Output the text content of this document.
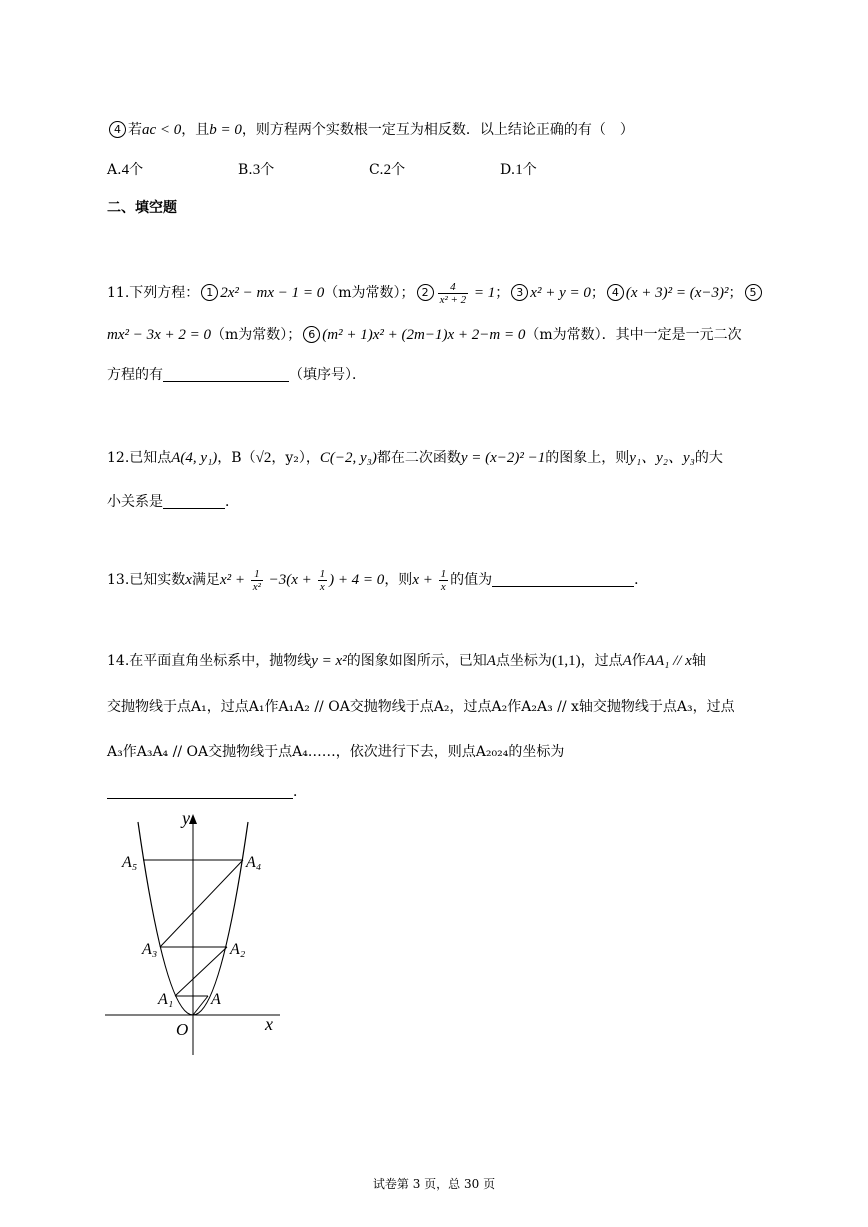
4 若ac < 0，且b = 0，则方程两个实数根一定互为相反数．以上结论正确的有（　）
A.4个	B.3个	C.2个	D.1个
二、填空题
11.下列方程： 1 2x² − mx − 1 = 0（m为常数）； $2 \frac{4}{\text{x² + 2}} = 1$； 3 x² + y = 0； 4 (x + 3)² = (x−3)²； 5
mx² − 3x + 2 = 0（m为常数）； 6 (m² + 1)x² + (2m−1)x + 2−m = 0（m为常数）．其中一定是一元二次
方程的有	（填序号）．
12.已知点A(4, y₁)，B（√2，y₂），C(−2, y₃)都在二次函数y = (x−2)² −1的图象上，则y₁、y₂、y₃的大
小关系是	．
13.已知实数x满足$x^2 + \frac{1}{\text{x²}} -3(x + \frac{1}{x}$ ) + 4 = 0，则$x + \frac{1}{x}$ 的值为	．
14.在平面直角坐标系中，抛物线y = x²的图象如图所示，已知A点坐标为(1,1)，过点A作AA₁ // x轴
交抛物线于点A₁，过点A₁作A₁A₂ // OA交抛物线于点A₂，过点A₂作A₂A₃ // x轴交抛物线于点A₃，过点
A₃作A₃A₄ // OA交抛物线于点A₄……，依次进行下去，则点A₂₀₂₄的坐标为
．
y
x
O
A
A₁
A₂
A₃
A₄
A₅
试卷第 3 页，总 30 页
